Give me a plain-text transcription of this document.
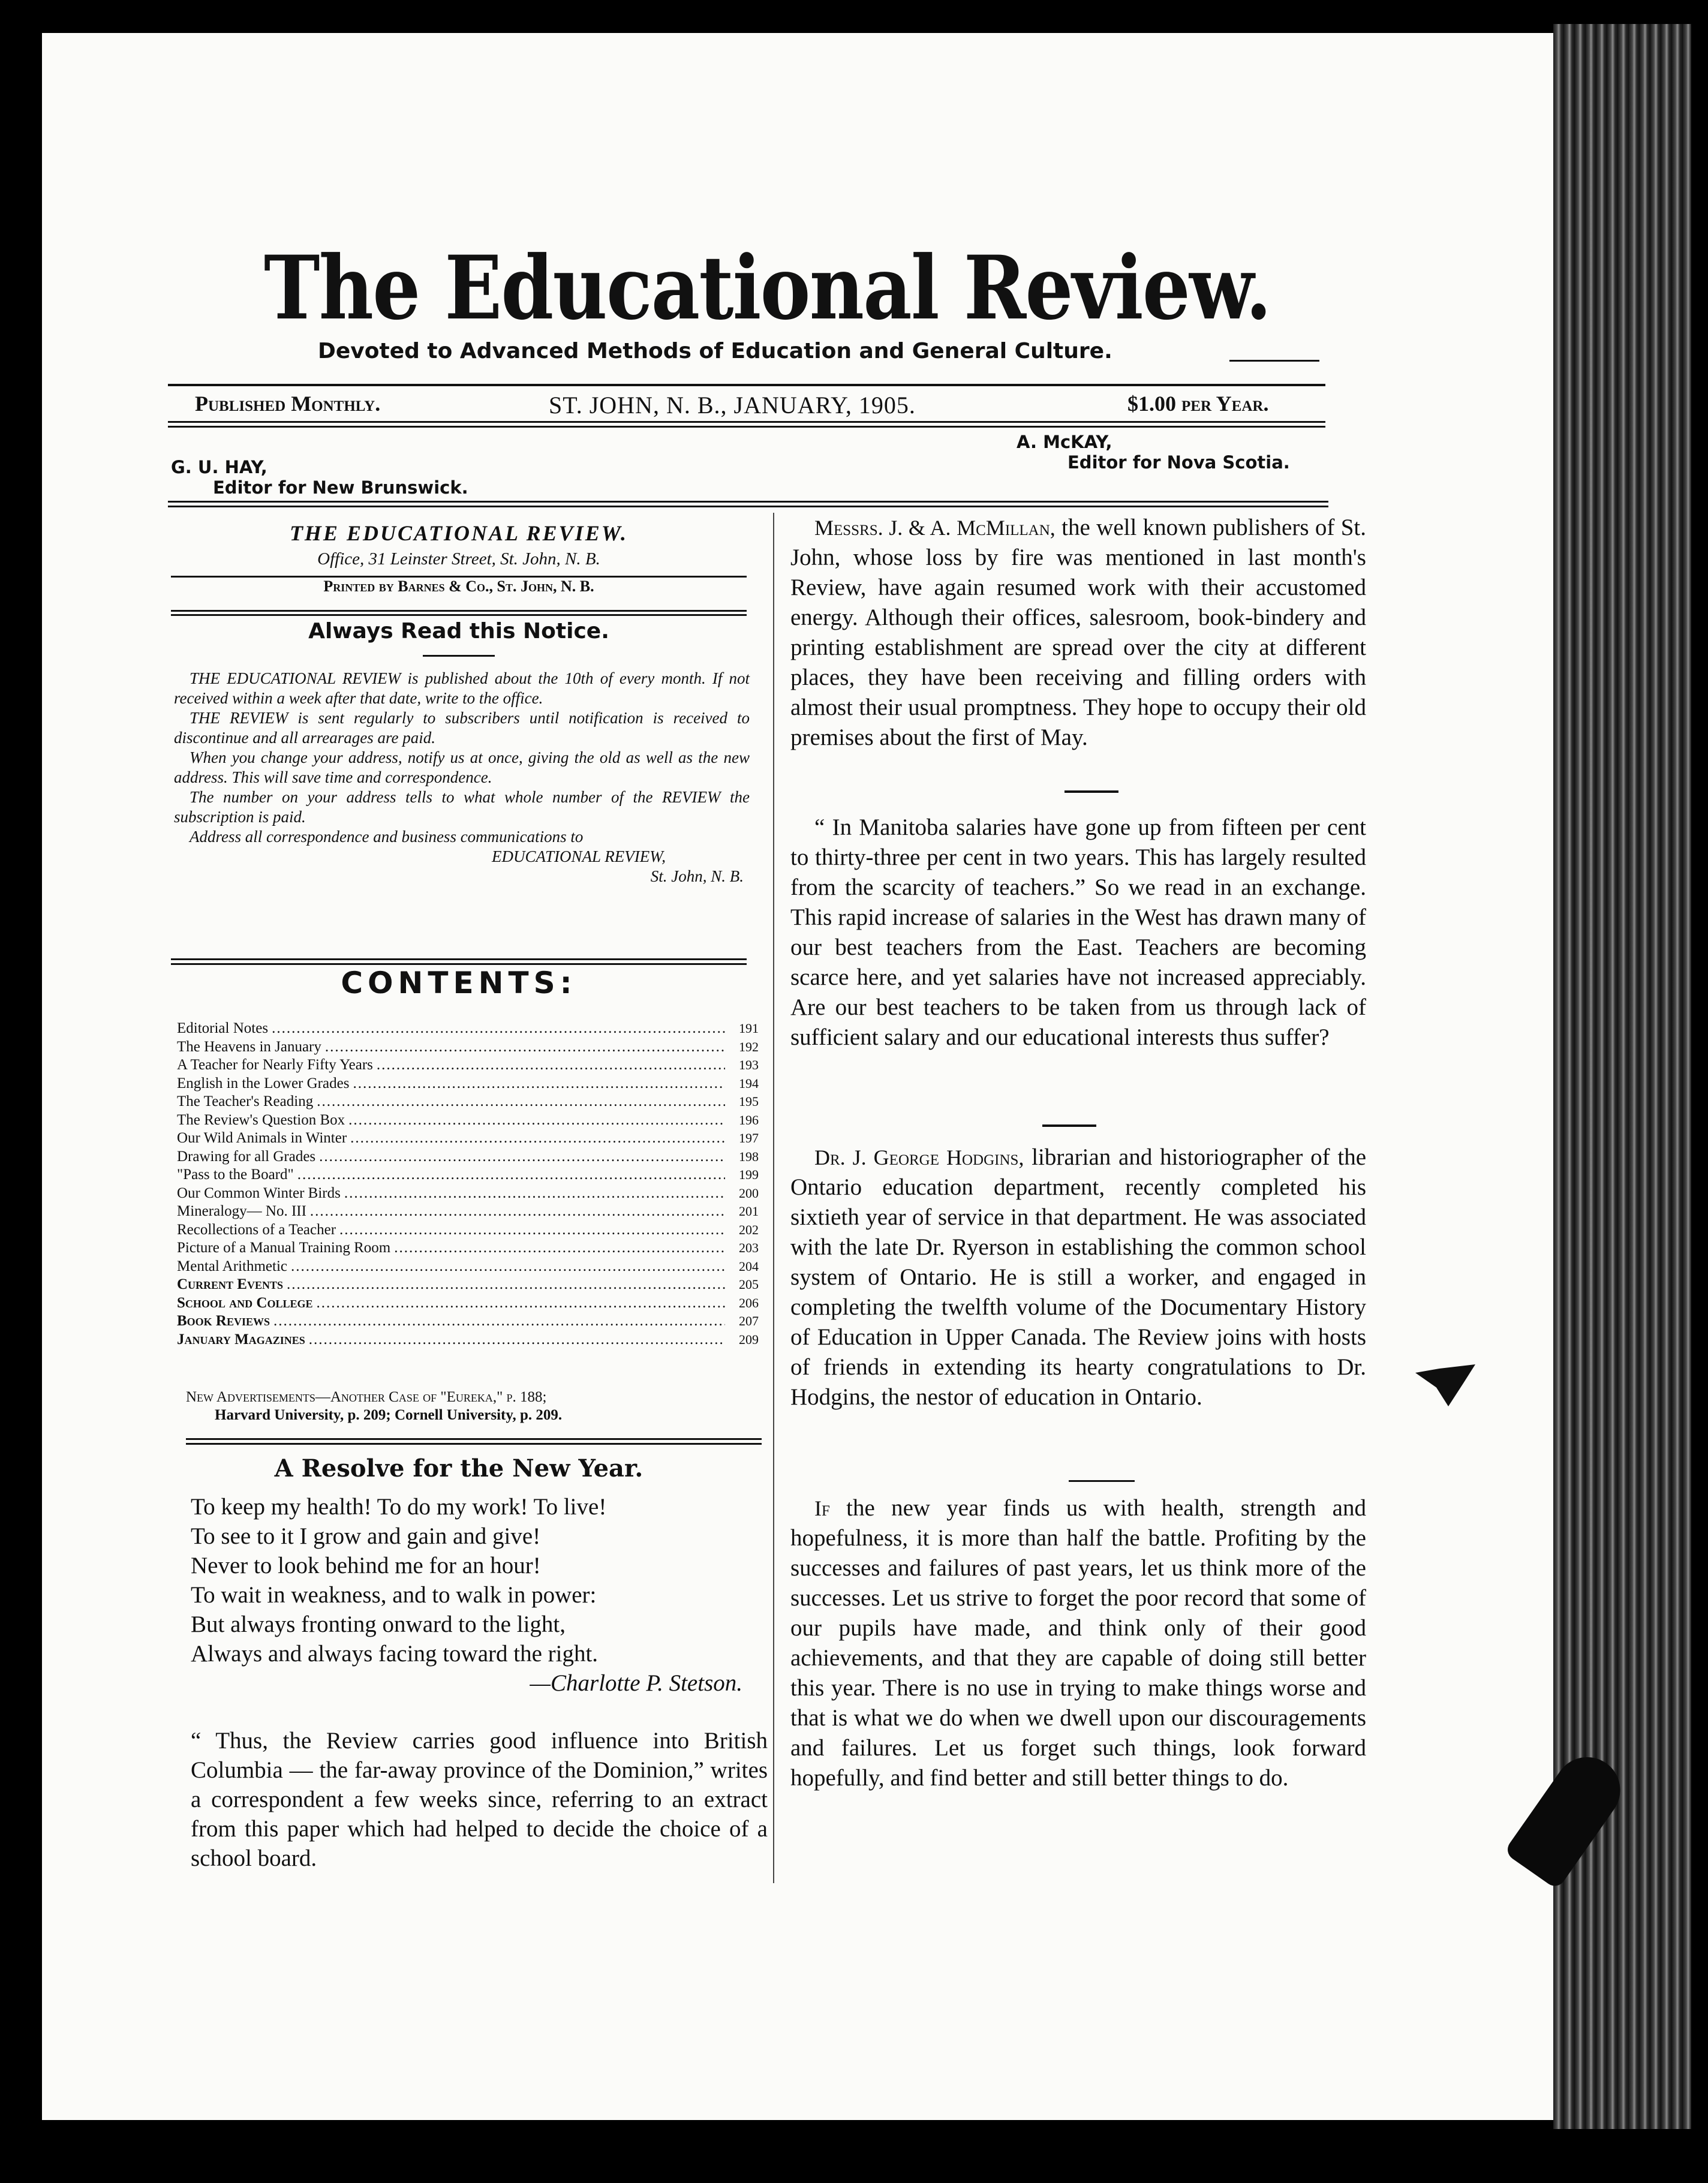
The Educational Review.
Devoted to Advanced Methods of Education and General Culture.
Published Monthly.	ST. JOHN, N. B., JANUARY, 1905.	$1.00 per Year.
G. U. HAY,
Editor for New Brunswick.
A. McKAY,
Editor for Nova Scotia.
THE EDUCATIONAL REVIEW.
Office, 31 Leinster Street, St. John, N. B.
Printed by Barnes & Co., St. John, N. B.
Always Read this Notice.

THE EDUCATIONAL REVIEW is published about the 10th of every month. If not received within a week after that date, write to the office.

THE REVIEW is sent regularly to subscribers until notification is received to discontinue and all arrearages are paid.

When you change your address, notify us at once, giving the old as well as the new address. This will save time and correspondence.

The number on your address tells to what whole number of the REVIEW the subscription is paid.

Address all correspondence and business communications to

EDUCATIONAL REVIEW,

St. John, N. B.

CONTENTS:
Editorial Notes .....	191
The Heavens in January .....	192
A Teacher for Nearly Fifty Years .....	193
English in the Lower Grades .....	194
The Teacher's Reading .....	195
The Review's Question Box .....	196
Our Wild Animals in Winter .....	197
Drawing for all Grades .....	198
"Pass to the Board" .....	199
Our Common Winter Birds .....	200
Mineralogy— No. III .....	201
Recollections of a Teacher .....	202
Picture of a Manual Training Room .....	203
Mental Arithmetic .....	204
Current Events .....	205
School and College .....	206
Book Reviews .....	207
January Magazines .....	209
New Advertisements—Another Case of "Eureka," p. 188;
Harvard University, p. 209; Cornell University, p. 209.
A Resolve for the New Year.
To keep my health! To do my work! To live!
To see to it I grow and gain and give!
Never to look behind me for an hour!
To wait in weakness, and to walk in power:
But always fronting onward to the light,
Always and always facing toward the right.
—Charlotte P. Stetson.
“ Thus, the Review carries good influence into British Columbia — the far-away province of the Dominion,” writes a correspondent a few weeks since, referring to an extract from this paper which had helped to decide the choice of a school board.

Messrs. J. & A. McMillan, the well known publishers of St. John, whose loss by fire was mentioned in last month's Review, have again resumed work with their accustomed energy. Although their offices, salesroom, book-bindery and printing establishment are spread over the city at different places, they have been receiving and filling orders with almost their usual promptness. They hope to occupy their old premises about the first of May.

“ In Manitoba salaries have gone up from fifteen per cent to thirty-three per cent in two years. This has largely resulted from the scarcity of teachers.” So we read in an exchange. This rapid increase of salaries in the West has drawn many of our best teachers from the East. Teachers are becoming scarce here, and yet salaries have not increased appreciably. Are our best teachers to be taken from us through lack of sufficient salary and our educational interests thus suffer?

Dr. J. George Hodgins, librarian and historiographer of the Ontario education department, recently completed his sixtieth year of service in that department. He was associated with the late Dr. Ryerson in establishing the common school system of Ontario. He is still a worker, and engaged in completing the twelfth volume of the Documentary History of Education in Upper Canada. The Review joins with hosts of friends in extending its hearty congratulations to Dr. Hodgins, the nestor of education in Ontario.

If the new year finds us with health, strength and hopefulness, it is more than half the battle. Profiting by the successes and failures of past years, let us think more of the successes. Let us strive to forget the poor record that some of our pupils have made, and think only of their good achievements, and that they are capable of doing still better this year. There is no use in trying to make things worse and that is what we do when we dwell upon our discouragements and failures. Let us forget such things, look forward hopefully, and find better and still better things to do.
